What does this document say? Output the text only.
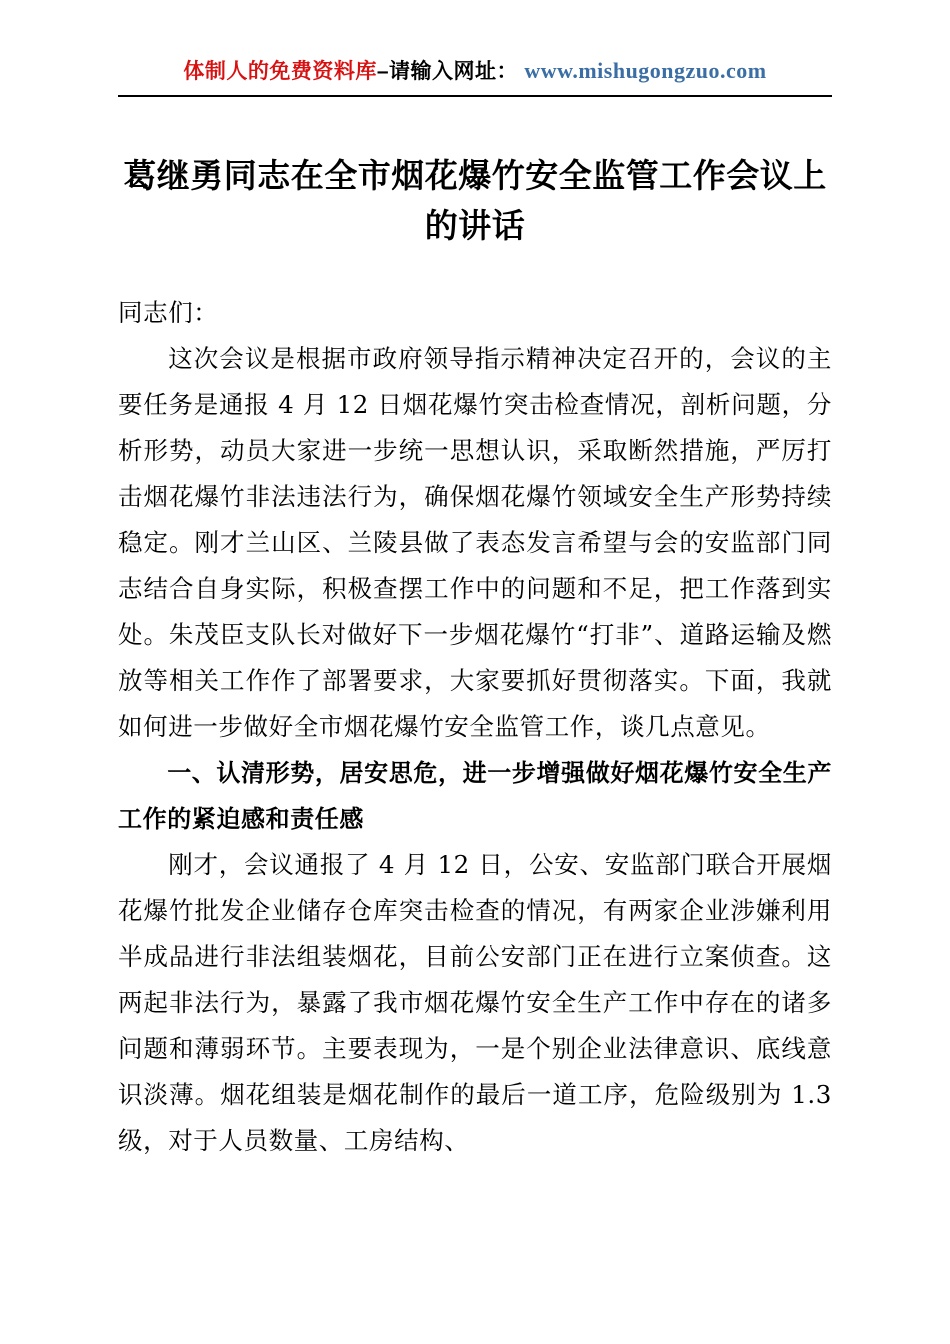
体制人的免费资料库–请输入网址： www.mishugongzuo.com
葛继勇同志在全市烟花爆竹安全监管工作会议上的讲话

同志们：

这次会议是根据市政府领导指示精神决定召开的，会议的主要任务是通报 4 月 12 日烟花爆竹突击检查情况，剖析问题，分析形势，动员大家进一步统一思想认识，采取断然措施，严厉打击烟花爆竹非法违法行为，确保烟花爆竹领域安全生产形势持续稳定。刚才兰山区、兰陵县做了表态发言希望与会的安监部门同志结合自身实际，积极查摆工作中的问题和不足，把工作落到实处。朱茂臣支队长对做好下一步烟花爆竹“打非”、道路运输及燃放等相关工作作了部署要求，大家要抓好贯彻落实。下面，我就如何进一步做好全市烟花爆竹安全监管工作，谈几点意见。

一、认清形势，居安思危，进一步增强做好烟花爆竹安全生产工作的紧迫感和责任感

刚才，会议通报了 4 月 12 日，公安、安监部门联合开展烟花爆竹批发企业储存仓库突击检查的情况，有两家企业涉嫌利用半成品进行非法组装烟花，目前公安部门正在进行立案侦查。这两起非法行为，暴露了我市烟花爆竹安全生产工作中存在的诸多问题和薄弱环节。主要表现为，一是个别企业法律意识、底线意识淡薄。烟花组装是烟花制作的最后一道工序，危险级别为 1.3 级，对于人员数量、工房结构、
